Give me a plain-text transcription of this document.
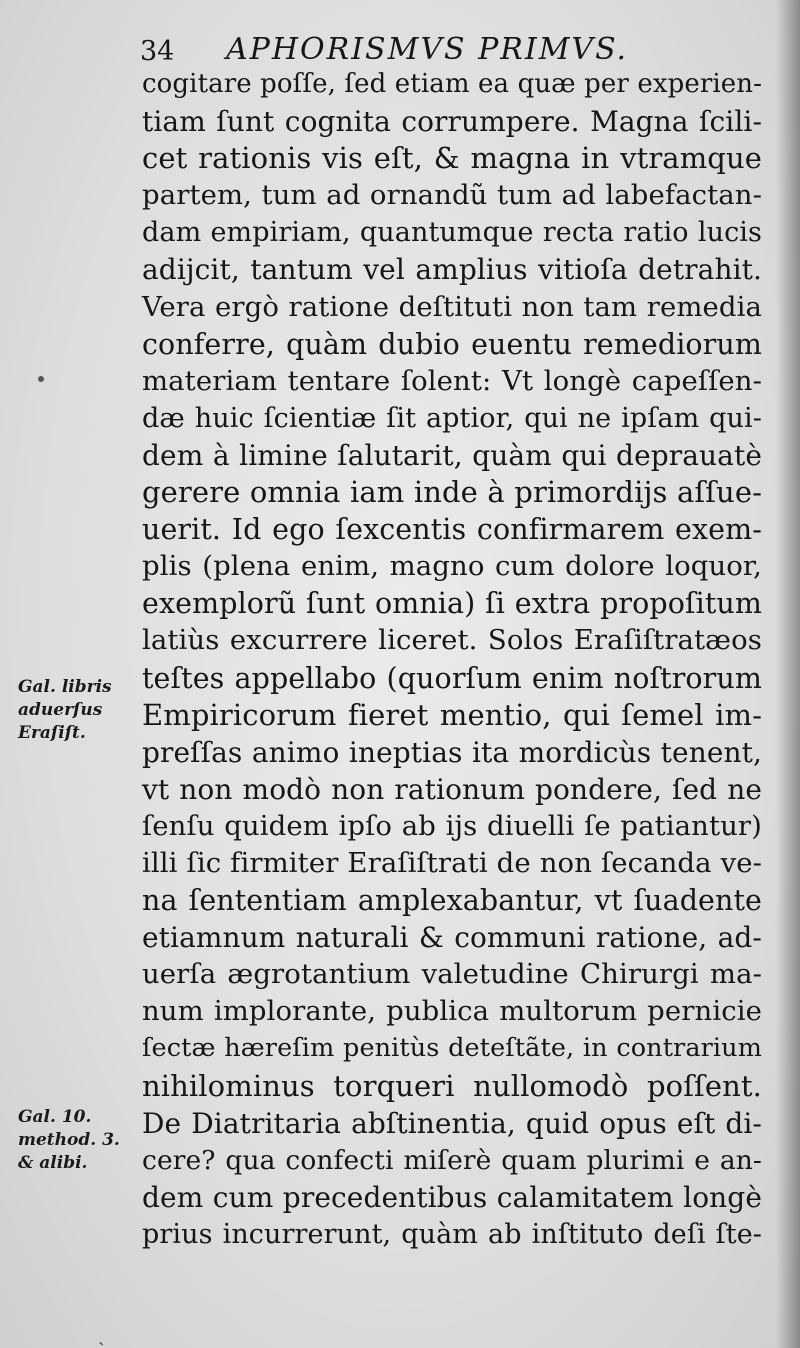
34 APHORISMVS PRIMVS.
cogitare poſſe, ſed etiam ea quæ per experien-
tiam ſunt cognita corrumpere. Magna ſcili-
cet rationis vis eſt, & magna in vtramque
partem, tum ad ornandũ tum ad labefactan-
dam empiriam, quantumque recta ratio lucis
adijcit, tantum vel amplius vitioſa detrahit.
Vera ergò ratione deſtituti non tam remedia
conferre, quàm dubio euentu remediorum
materiam tentare ſolent: Vt longè capeſſen-
dæ huic ſcientiæ ſit aptior, qui ne ipſam qui-
dem à limine ſalutarit, quàm qui deprauatè
gerere omnia iam inde à primordijs aſſue-
uerit. Id ego ſexcentis confirmarem exem-
plis (plena enim, magno cum dolore loquor,
exemplorũ ſunt omnia) ſi extra propoſitum
latiùs excurrere liceret. Solos Eraſiſtratæos
teſtes appellabo (quorſum enim noſtrorum
Empiricorum fieret mentio, qui ſemel im-
preſſas animo ineptias ita mordicùs tenent,
vt non modò non rationum pondere, ſed ne
ſenſu quidem ipſo ab ijs diuelli ſe patiantur)
illi ſic firmiter Eraſiſtrati de non ſecanda ve-
na ſententiam amplexabantur, vt ſuadente
etiamnum naturali & communi ratione, ad-
uerſa ægrotantium valetudine Chirurgi ma-
num implorante, publica multorum pernicie
ſectæ hæreſim penitùs deteſtãte, in contrarium
nihilominus torqueri nullomodò poſſent.
De Diatritaria abſtinentia, quid opus eſt di-
cere? qua confecti miſerè quam plurimi e an-
dem cum precedentibus calamitatem longè
prius incurrerunt, quàm ab inſtituto deſi ſte-
Gal. libris
aduerſus
Eraſiſt.
Gal. 10.
method. 3.
& alibi.
ˎ
